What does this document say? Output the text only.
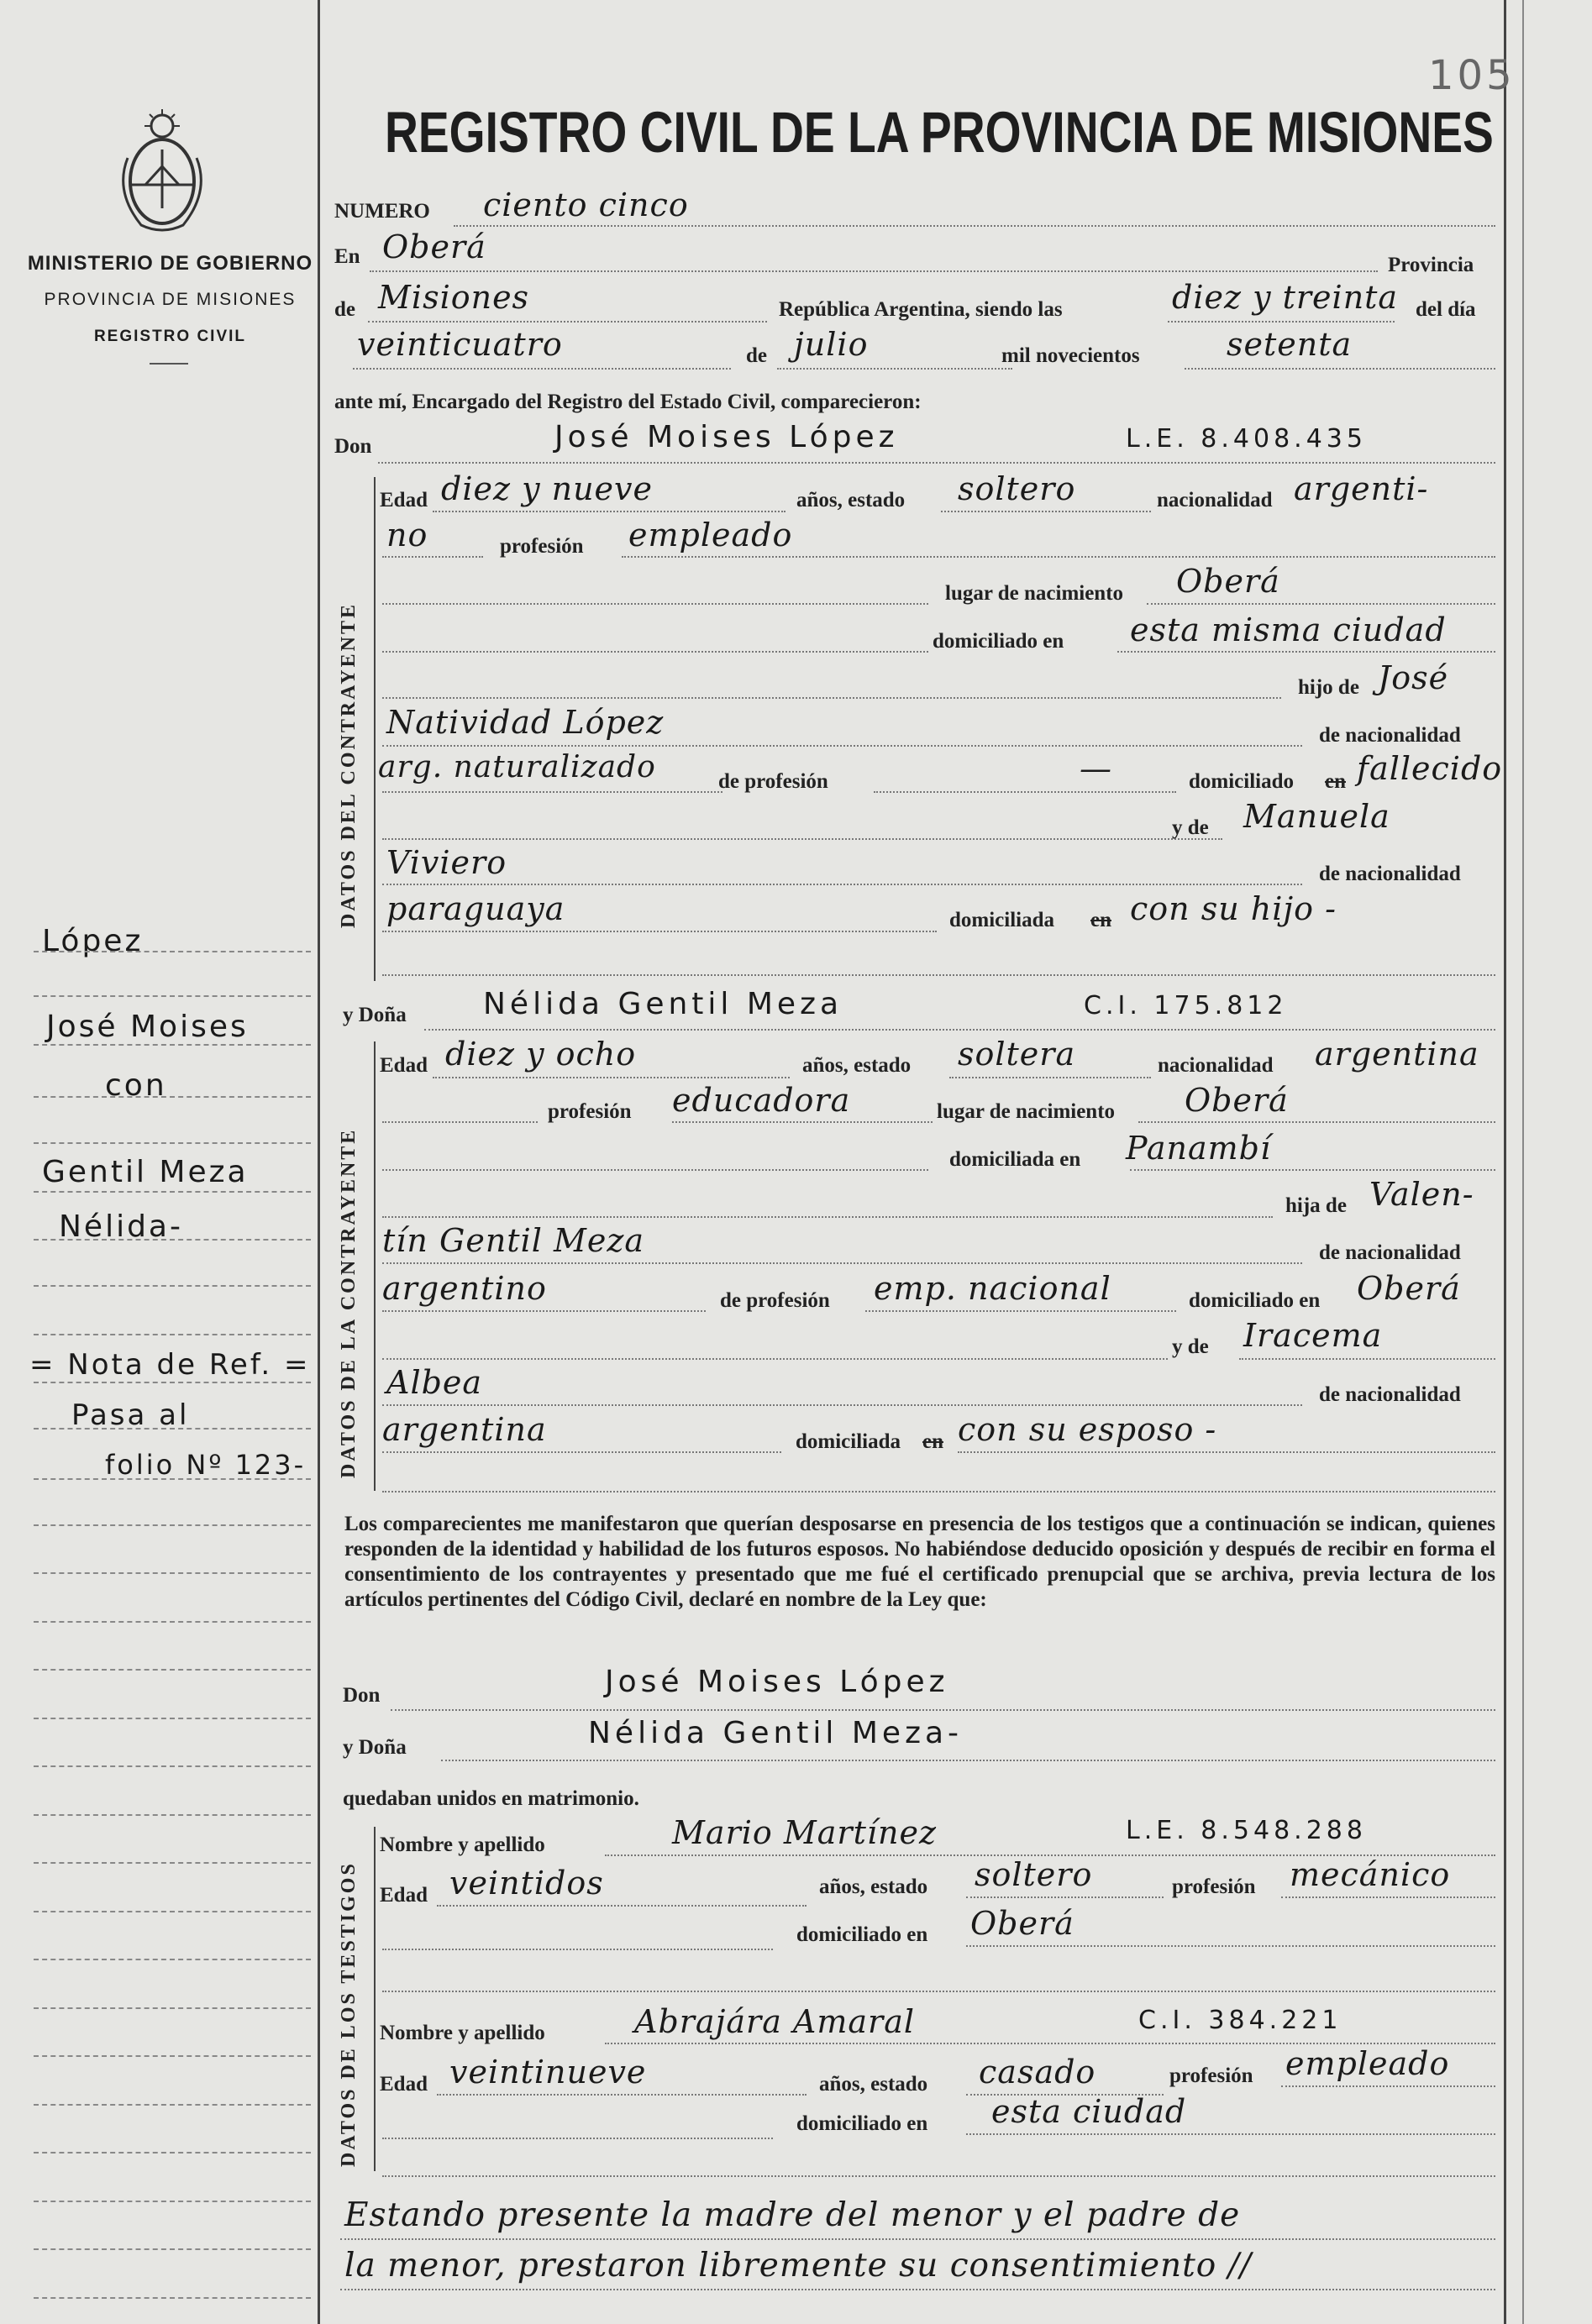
105
REGISTRO CIVIL DE LA PROVINCIA DE MISIONES
MINISTERIO DE GOBIERNO
PROVINCIA DE MISIONES
REGISTRO CIVIL
NUMERO ciento cinco
En Oberá	Provincia
de Misiones	República Argentina, siendo las	diez y treinta del día
veinticuatro	de julio	mil novecientos	setenta
ante mí, Encargado del Registro del Estado Civil, comparecieron:
Don	José Moises López	L.E. 8.408.435
DATOS DEL CONTRAYENTE
Edad diez y nueve	años, estado soltero	nacionalidad argenti-
no	profesión empleado
lugar de nacimiento Oberá
domiciliado en esta misma ciudad
hijo de José
Natividad López	de nacionalidad
arg. naturalizado	de profesión	—	domiciliado en fallecido
y de Manuela
Viviero	de nacionalidad
paraguaya	domiciliada en con su hijo -
y Doña	Nélida Gentil Meza	C.I. 175.812
DATOS DE LA CONTRAYENTE
Edad diez y ocho	años, estado soltera	nacionalidad argentina
profesión educadora	lugar de nacimiento Oberá
domiciliada en Panambí
hija de Valen-
tín Gentil Meza	de nacionalidad
argentino	de profesión emp. nacional	domiciliado en Oberá
y de Iracema
Albea	de nacionalidad
argentina	domiciliada en con su esposo -
Los comparecientes me manifestaron que querían desposarse en presencia de los testigos que a continuación se indican, quienes responden de la identidad y habilidad de los futuros esposos. No habiéndose deducido oposición y después de recibir en forma el consentimiento de los contrayentes y presentado que me fué el certificado prenupcial que se archiva, previa lectura de los artículos pertinentes del Código Civil, declaré en nombre de la Ley que:
Don	José Moises López
y Doña	Nélida Gentil Meza-
quedaban unidos en matrimonio.
DATOS DE LOS TESTIGOS
Nombre y apellido	Mario Martínez	L.E. 8.548.288
Edad veintidos	años, estado soltero	profesión mecánico
domiciliado en Oberá
Nombre y apellido	Abrajára Amaral	C.I. 384.221
Edad veintinueve	años, estado casado	profesión empleado
domiciliado en esta ciudad
Estando presente la madre del menor y el padre de
la menor, prestaron libremente su consentimiento //
López
José Moises
con
Gentil Meza
Nélida-
= Nota de Ref. =
Pasa al
folio Nº 123-
